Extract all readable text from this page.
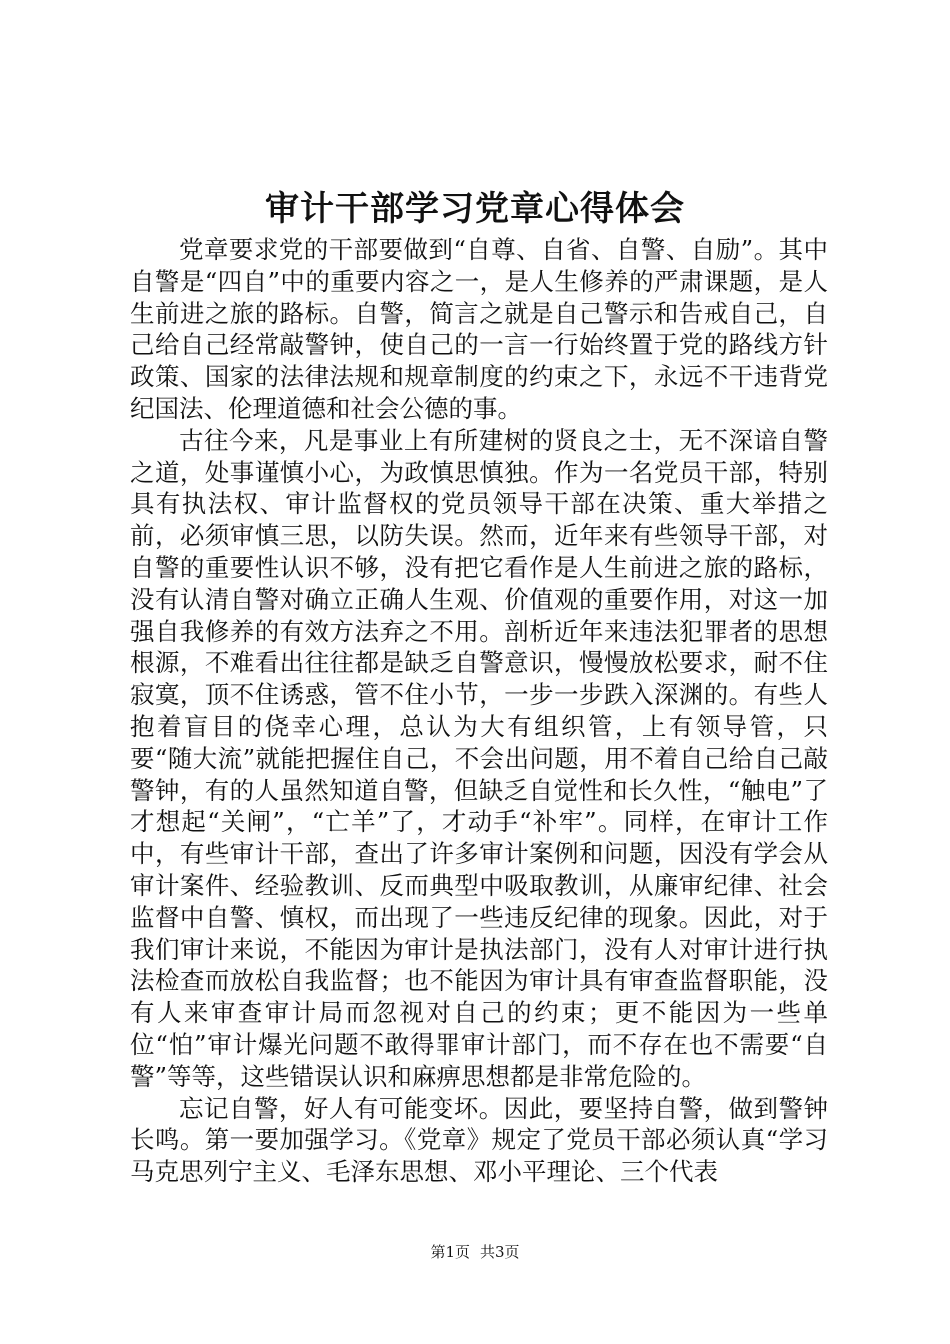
审计干部学习党章心得体会

党章要求党的干部要做到“自尊、自省、自警、自励”。其中自警是“四自”中的重要内容之一，是人生修养的严肃课题，是人生前进之旅的路标。自警，简言之就是自己警示和告戒自己，自己给自己经常敲警钟，使自己的一言一行始终置于党的路线方针政策、国家的法律法规和规章制度的约束之下，永远不干违背党纪国法、伦理道德和社会公德的事。

古往今来，凡是事业上有所建树的贤良之士，无不深谙自警之道，处事谨慎小心，为政慎思慎独。作为一名党员干部，特别具有执法权、审计监督权的党员领导干部在决策、重大举措之前，必须审慎三思，以防失误。然而，近年来有些领导干部，对自警的重要性认识不够，没有把它看作是人生前进之旅的路标，没有认清自警对确立正确人生观、价值观的重要作用，对这一加强自我修养的有效方法弃之不用。剖析近年来违法犯罪者的思想根源，不难看出往往都是缺乏自警意识，慢慢放松要求，耐不住寂寞，顶不住诱惑，管不住小节，一步一步跌入深渊的。有些人抱着盲目的侥幸心理，总认为大有组织管，上有领导管，只要“随大流”就能把握住自己，不会出问题，用不着自己给自己敲警钟，有的人虽然知道自警，但缺乏自觉性和长久性，“触电”了才想起“关闸”，“亡羊”了，才动手“补牢”。同样，在审计工作中，有些审计干部，查出了许多审计案例和问题，因没有学会从审计案件、经验教训、反而典型中吸取教训，从廉审纪律、社会监督中自警、慎权，而出现了一些违反纪律的现象。因此，对于我们审计来说，不能因为审计是执法部门，没有人对审计进行执法检查而放松自我监督；也不能因为审计具有审查监督职能，没有人来审查审计局而忽视对自己的约束；更不能因为一些单位“怕”审计爆光问题不敢得罪审计部门，而不存在也不需要“自警”等等，这些错误认识和麻痹思想都是非常危险的。

忘记自警，好人有可能变坏。因此，要坚持自警，做到警钟长鸣。第一要加强学习。《党章》规定了党员干部必须认真“学习马克思列宁主义、毛泽东思想、邓小平理论、三个代表

第1页 共3页
